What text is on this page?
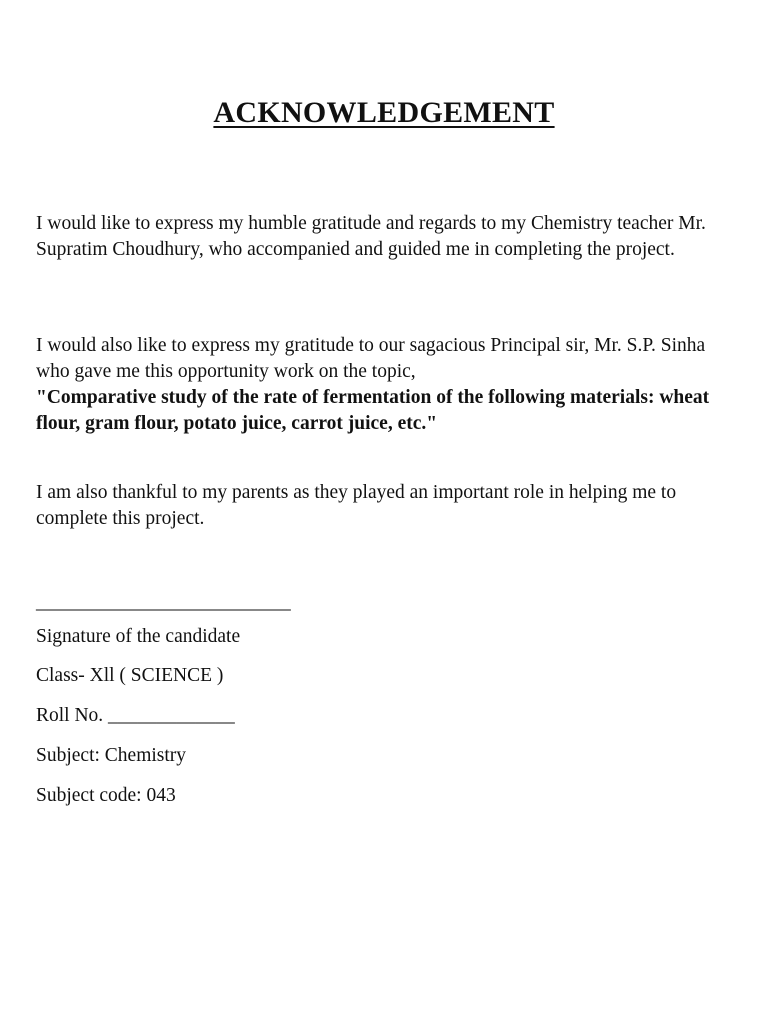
ACKNOWLEDGEMENT

I would like to express my humble gratitude and regards to my Chemistry teacher Mr. Supratim Choudhury, who accompanied and guided me in completing the project.

I would also like to express my gratitude to our sagacious Principal sir, Mr. S.P. Sinha who gave me this opportunity work on the topic,
"Comparative study of the rate of fermentation of the following materials: wheat flour, gram flour, potato juice, carrot juice, etc."

I am also thankful to my parents as they played an important role in helping me to complete this project.

_____________________________
Signature of the candidate
Class- Xll ( SCIENCE )
Roll No. _____________
Subject: Chemistry
Subject code: 043
